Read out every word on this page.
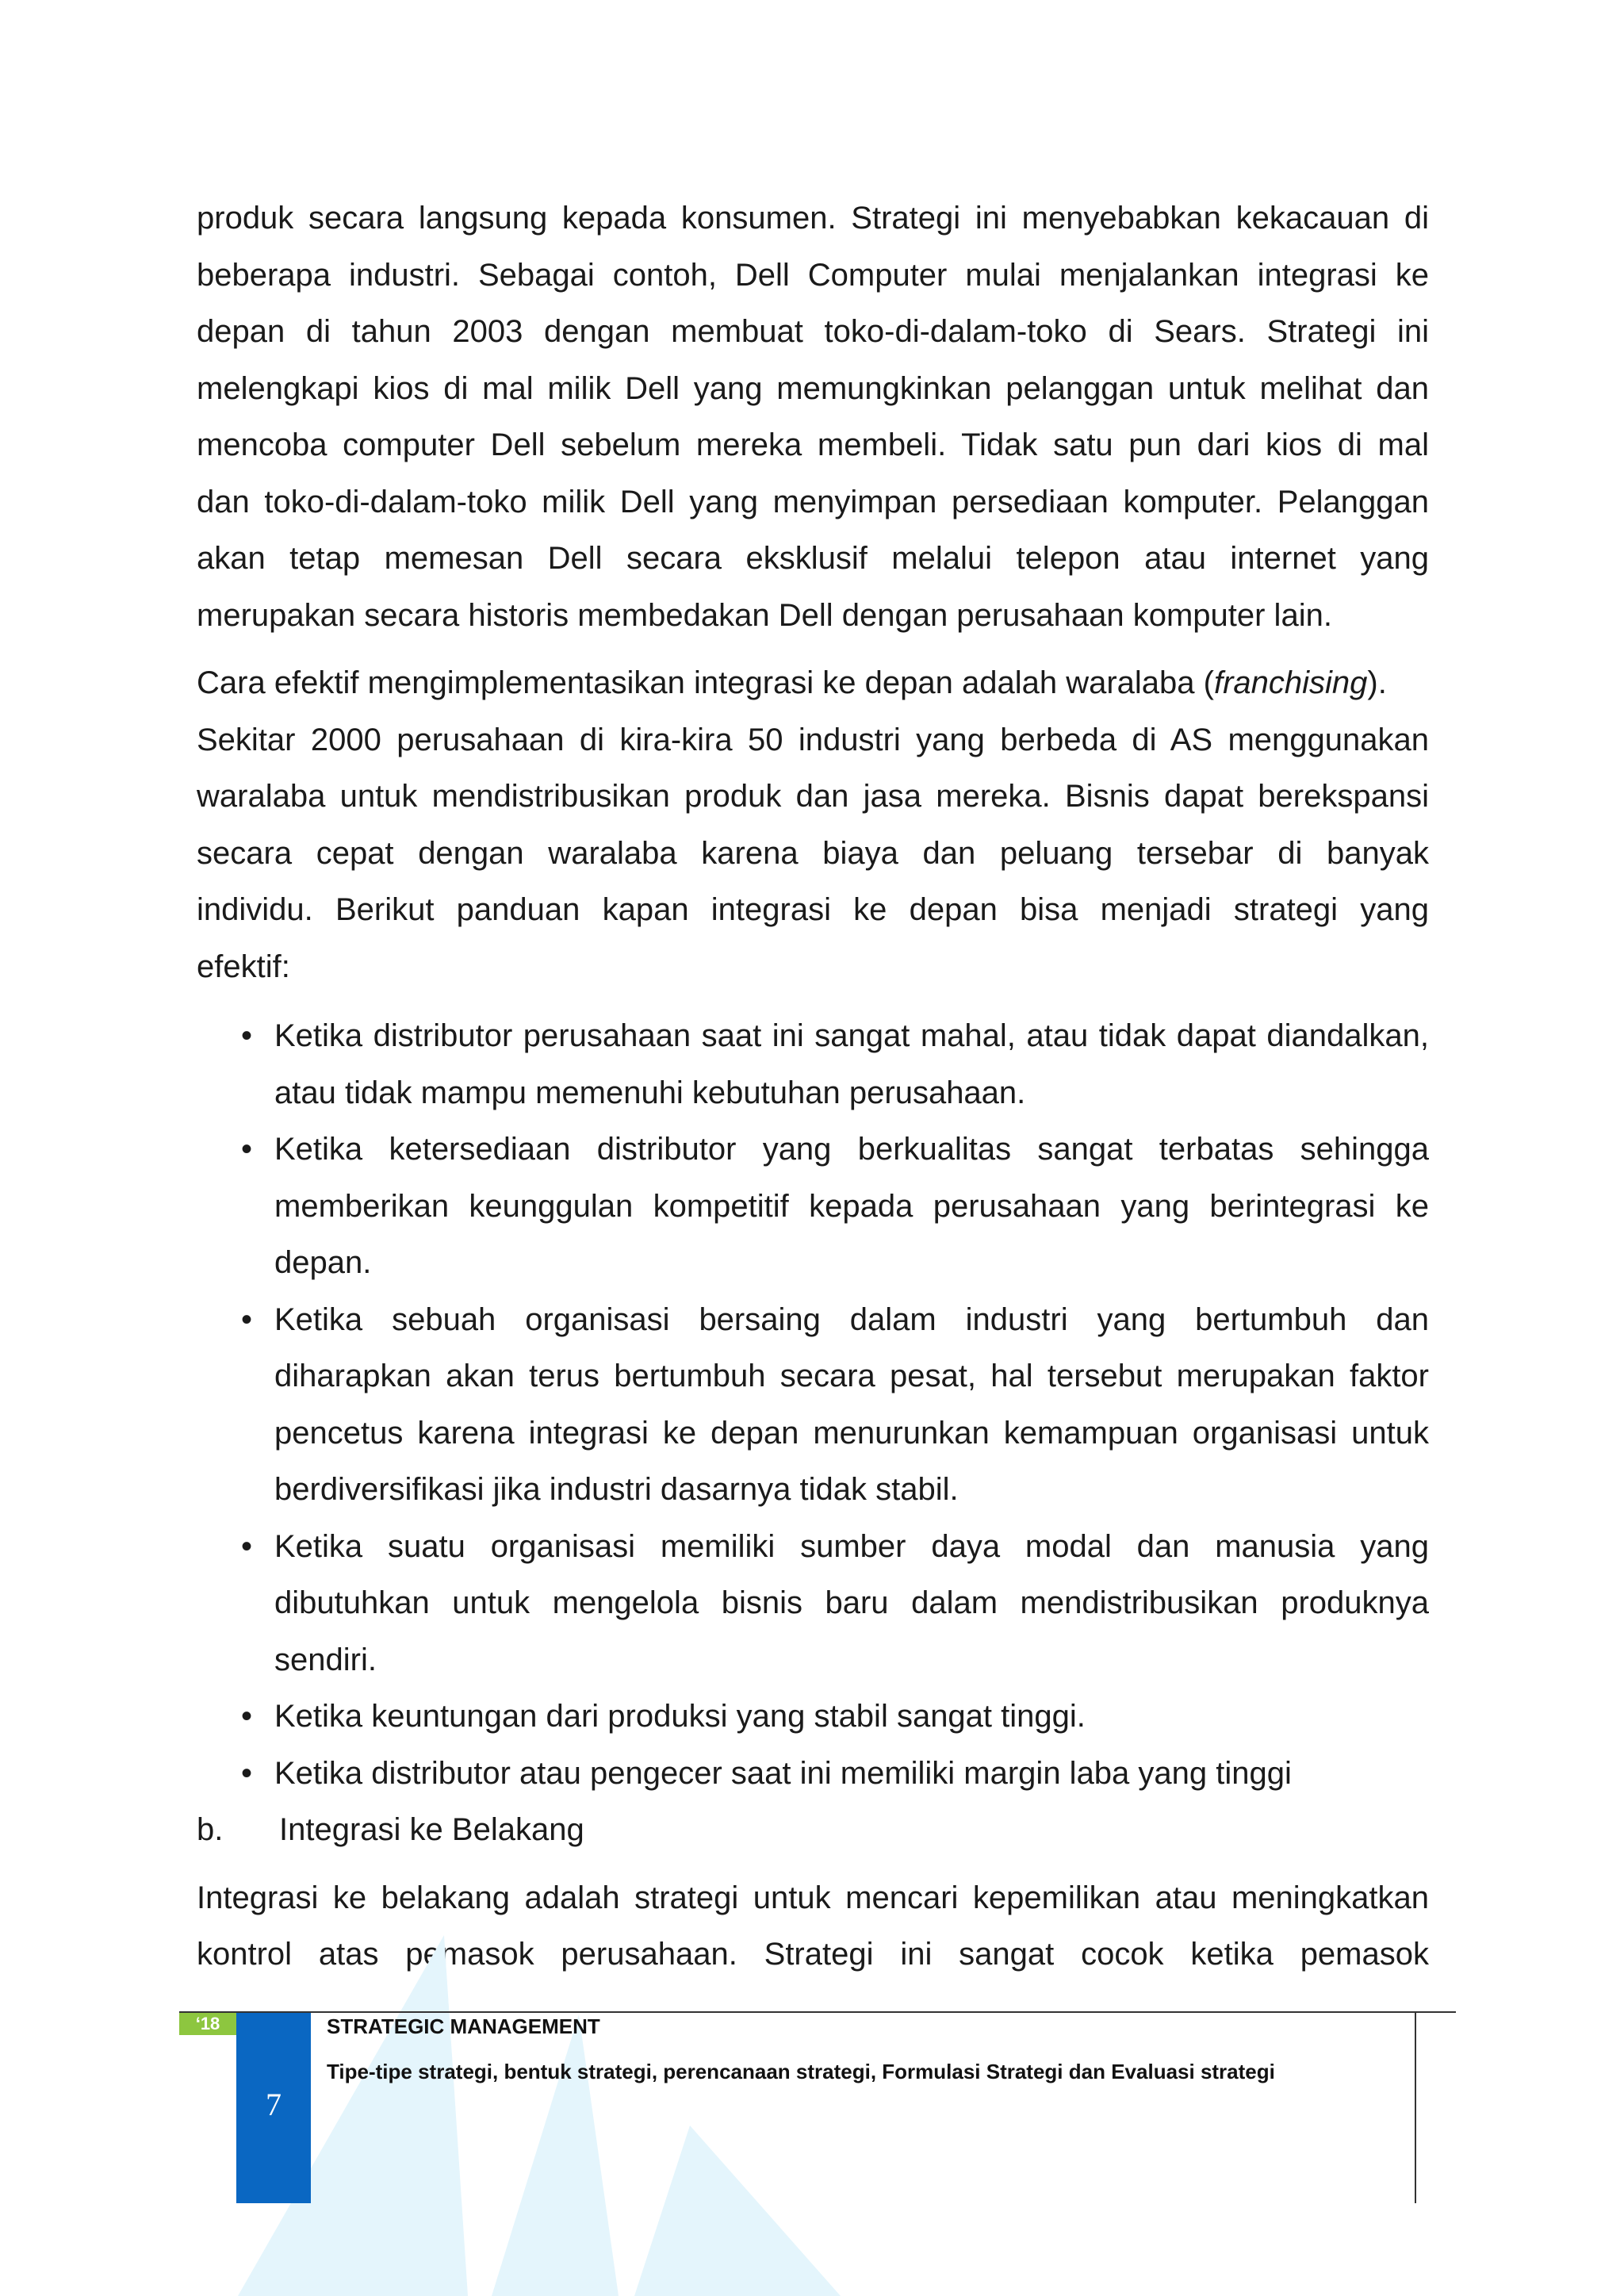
produk secara langsung kepada konsumen. Strategi ini menyebabkan kekacauan di
beberapa industri. Sebagai contoh, Dell Computer mulai menjalankan integrasi ke
depan di tahun 2003 dengan membuat toko-di-dalam-toko di Sears. Strategi ini
melengkapi kios di mal milik Dell yang memungkinkan pelanggan untuk melihat dan
mencoba computer Dell sebelum mereka membeli. Tidak satu pun dari kios di mal
dan toko-di-dalam-toko milik Dell yang menyimpan persediaan komputer. Pelanggan
akan tetap memesan Dell secara eksklusif melalui telepon atau internet yang
merupakan secara historis membedakan Dell dengan perusahaan komputer lain.
Cara efektif mengimplementasikan integrasi ke depan adalah waralaba (franchising).
Sekitar 2000 perusahaan di kira-kira 50 industri yang berbeda di AS menggunakan
waralaba untuk mendistribusikan produk dan jasa mereka. Bisnis dapat berekspansi
secara cepat dengan waralaba karena biaya dan peluang tersebar di banyak
individu. Berikut panduan kapan integrasi ke depan bisa menjadi strategi yang
efektif:
• Ketika distributor perusahaan saat ini sangat mahal, atau tidak dapat diandalkan, atau tidak mampu memenuhi kebutuhan perusahaan.
• Ketika ketersediaan distributor yang berkualitas sangat terbatas sehingga memberikan keunggulan kompetitif kepada perusahaan yang berintegrasi ke depan.
• Ketika sebuah organisasi bersaing dalam industri yang bertumbuh dan diharapkan akan terus bertumbuh secara pesat, hal tersebut merupakan faktor pencetus karena integrasi ke depan menurunkan kemampuan organisasi untuk berdiversifikasi jika industri dasarnya tidak stabil.
• Ketika suatu organisasi memiliki sumber daya modal dan manusia yang dibutuhkan untuk mengelola bisnis baru dalam mendistribusikan produknya sendiri.
• Ketika keuntungan dari produksi yang stabil sangat tinggi.
• Ketika distributor atau pengecer saat ini memiliki margin laba yang tinggi
b. Integrasi ke Belakang
Integrasi ke belakang adalah strategi untuk mencari kepemilikan atau meningkatkan
kontrol atas pemasok perusahaan. Strategi ini sangat cocok ketika pemasok
‘18
7
STRATEGIC MANAGEMENT
Tipe-tipe strategi, bentuk strategi, perencanaan strategi, Formulasi Strategi dan Evaluasi strategi
